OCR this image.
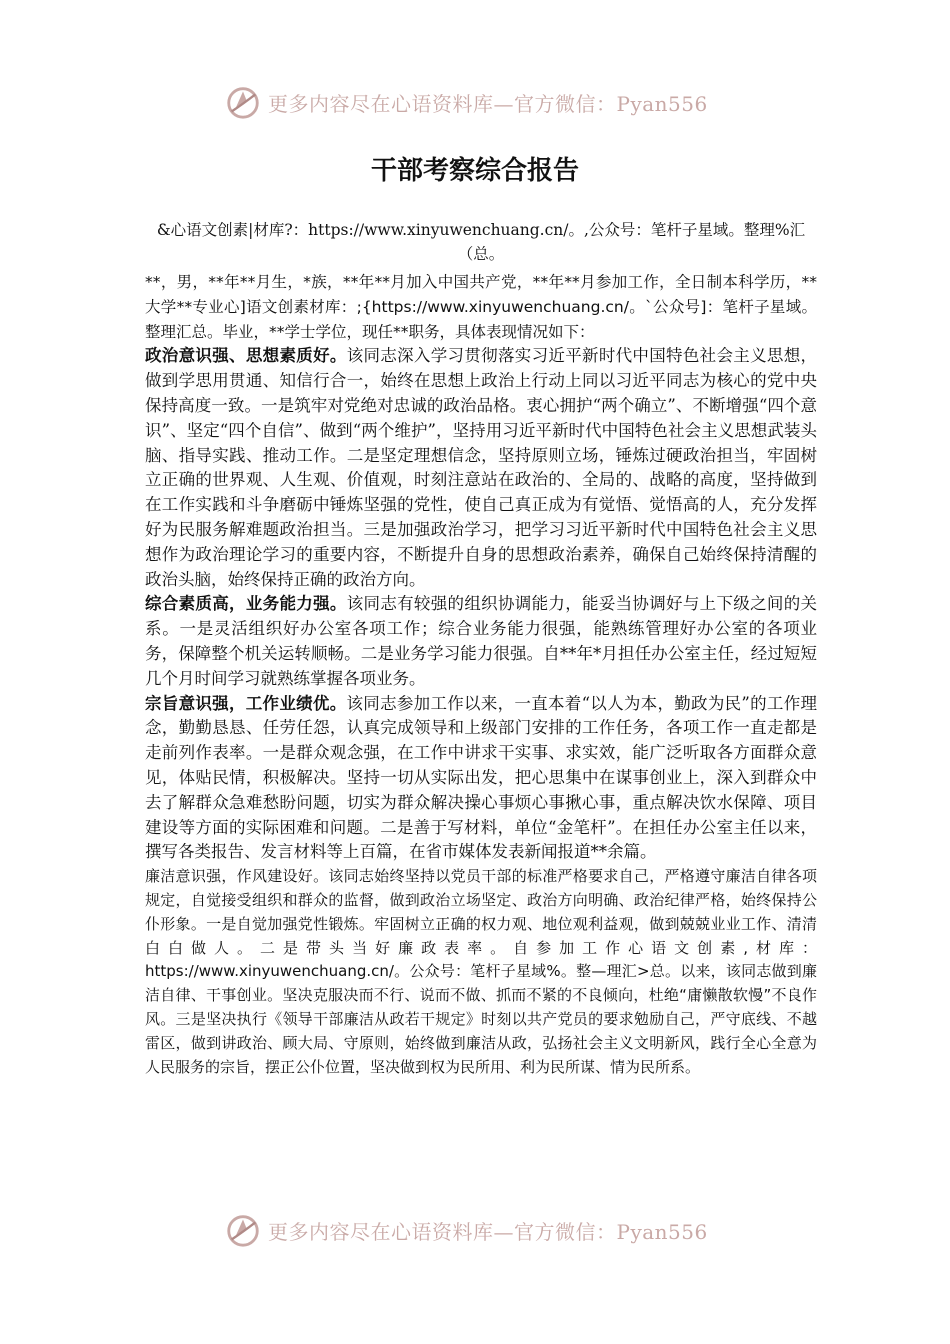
更多内容尽在心语资料库—官方微信：Pyan556
干部考察综合报告

&心语文创素|材库?：https://www.xinyuwenchuang.cn/。,公众号：笔杆子星域。整理%汇（总。

**，男，**年**月生，*族，**年**月加入中国共产党，**年**月参加工作，全日制本科学历，**大学**专业心]语文创素材库：;{https://www.xinyuwenchuang.cn/。`公众号]：笔杆子星域。整理汇总。毕业，**学士学位，现任**职务，具体表现情况如下：

政治意识强、思想素质好。该同志深入学习贯彻落实习近平新时代中国特色社会主义思想，做到学思用贯通、知信行合一，始终在思想上政治上行动上同以习近平同志为核心的党中央保持高度一致。一是筑牢对党绝对忠诚的政治品格。衷心拥护“两个确立”、不断增强“四个意识”、坚定“四个自信”、做到“两个维护”，坚持用习近平新时代中国特色社会主义思想武装头脑、指导实践、推动工作。二是坚定理想信念，坚持原则立场，锤炼过硬政治担当，牢固树立正确的世界观、人生观、价值观，时刻注意站在政治的、全局的、战略的高度，坚持做到在工作实践和斗争磨砺中锤炼坚强的党性，使自己真正成为有觉悟、觉悟高的人，充分发挥好为民服务解难题政治担当。三是加强政治学习，把学习习近平新时代中国特色社会主义思想作为政治理论学习的重要内容，不断提升自身的思想政治素养，确保自己始终保持清醒的政治头脑，始终保持正确的政治方向。

综合素质高，业务能力强。该同志有较强的组织协调能力，能妥当协调好与上下级之间的关系。一是灵活组织好办公室各项工作；综合业务能力很强，能熟练管理好办公室的各项业务，保障整个机关运转顺畅。二是业务学习能力很强。自**年*月担任办公室主任，经过短短几个月时间学习就熟练掌握各项业务。

宗旨意识强，工作业绩优。该同志参加工作以来，一直本着“以人为本，勤政为民”的工作理念，勤勤恳恳、任劳任怨，认真完成领导和上级部门安排的工作任务，各项工作一直走都是走前列作表率。一是群众观念强，在工作中讲求干实事、求实效，能广泛听取各方面群众意见，体贴民情，积极解决。坚持一切从实际出发，把心思集中在谋事创业上，深入到群众中去了解群众急难愁盼问题，切实为群众解决操心事烦心事揪心事，重点解决饮水保障、项目建设等方面的实际困难和问题。二是善于写材料，单位“金笔杆”。在担任办公室主任以来，撰写各类报告、发言材料等上百篇，在省市媒体发表新闻报道**余篇。

廉洁意识强，作风建设好。该同志始终坚持以党员干部的标准严格要求自己，严格遵守廉洁自律各项规定，自觉接受组织和群众的监督，做到政治立场坚定、政治方向明确、政治纪律严格，始终保持公仆形象。一是自觉加强党性锻炼。牢固树立正确的权力观、地位观利益观，做到兢兢业业工作、清清白白做人。二是带头当好廉政表率。自参加工作心语文创素,材库：https://www.xinyuwenchuang.cn/。公众号：笔杆子星域%。整—理汇>总。以来，该同志做到廉洁自律、干事创业。坚决克服决而不行、说而不做、抓而不紧的不良倾向，杜绝“庸懒散软慢”不良作风。三是坚决执行《领导干部廉洁从政若干规定》时刻以共产党员的要求勉励自己，严守底线、不越雷区，做到讲政治、顾大局、守原则，始终做到廉洁从政，弘扬社会主义文明新风，践行全心全意为人民服务的宗旨，摆正公仆位置，坚决做到权为民所用、利为民所谋、情为民所系。

更多内容尽在心语资料库—官方微信：Pyan556
